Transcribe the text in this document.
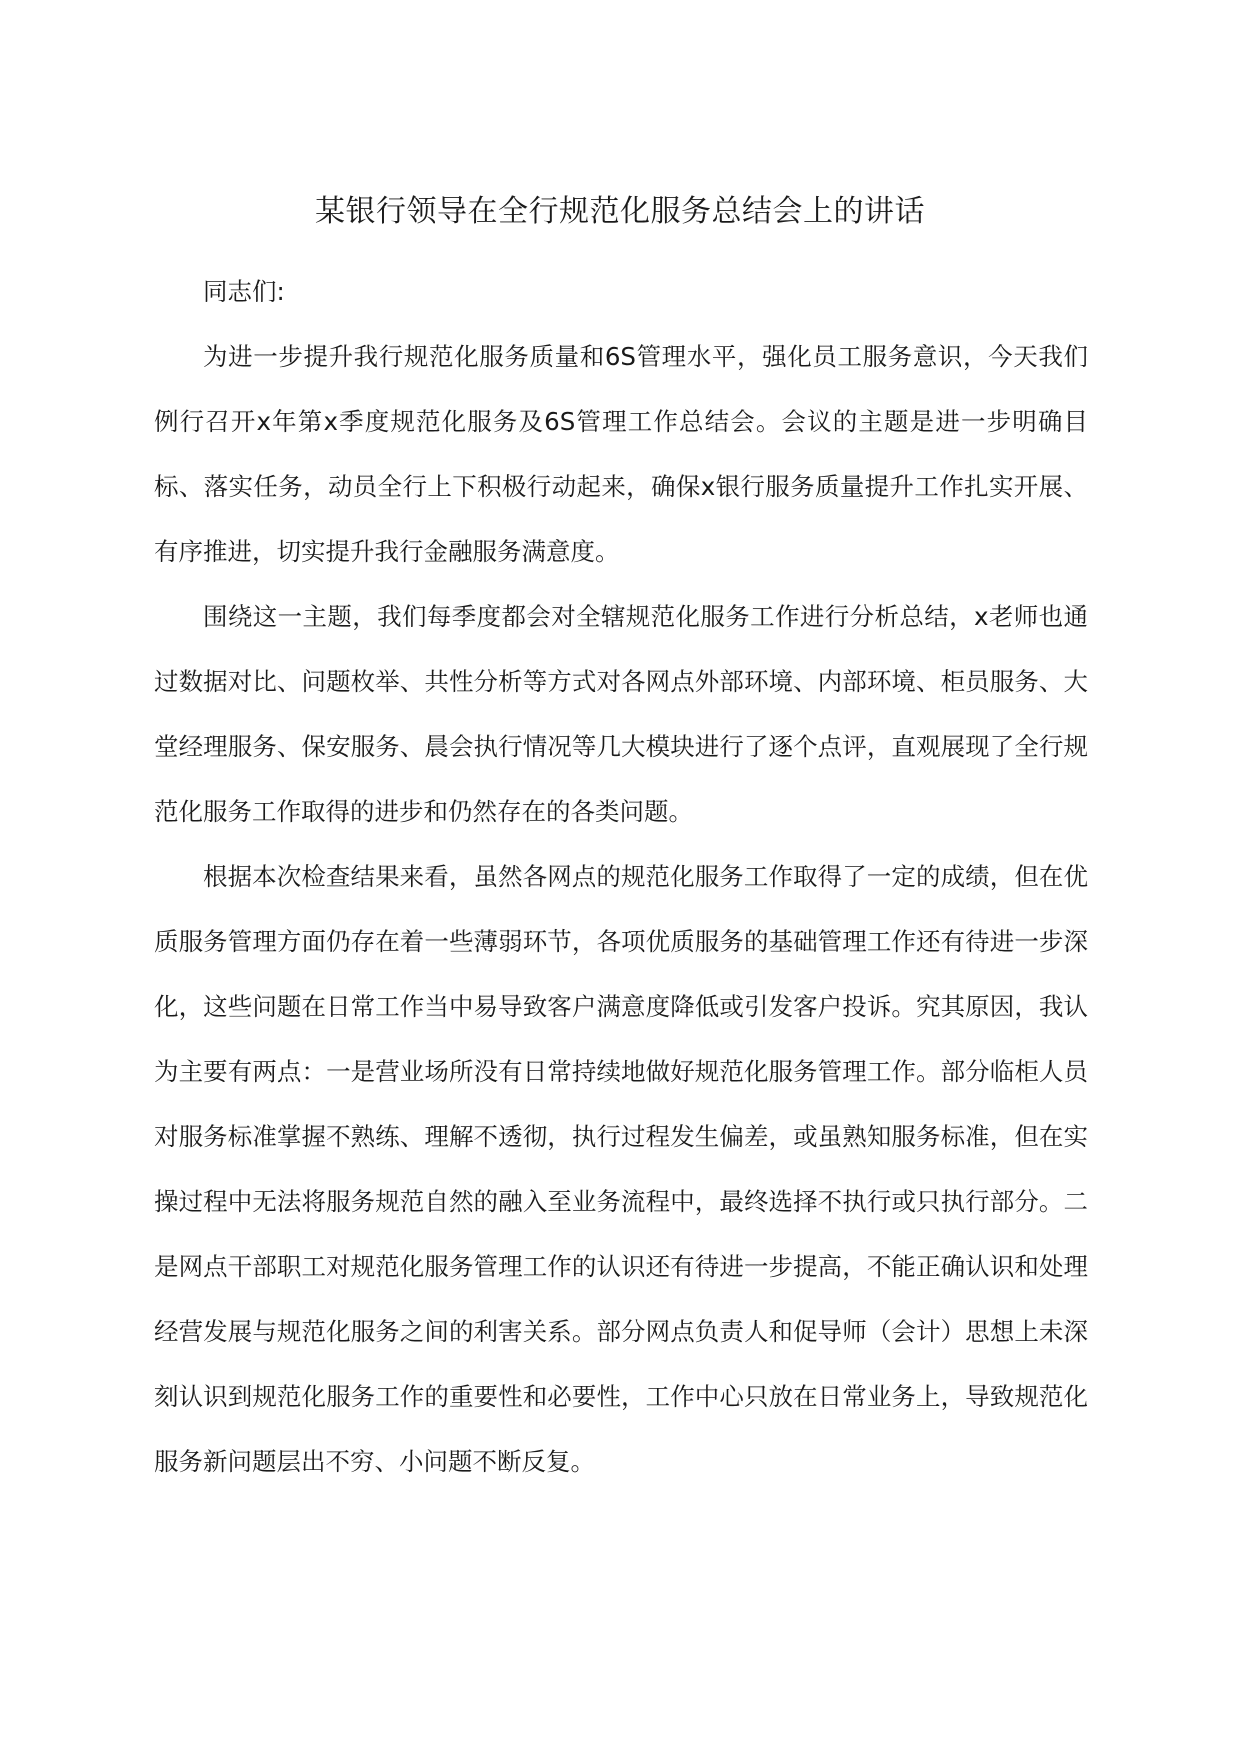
某银行领导在全行规范化服务总结会上的讲话

同志们:

为进一步提升我行规范化服务质量和6S管理水平，强化员工服务意识，今天我们例行召开x年第x季度规范化服务及6S管理工作总结会。会议的主题是进一步明确目标、落实任务，动员全行上下积极行动起来，确保x银行服务质量提升工作扎实开展、有序推进，切实提升我行金融服务满意度。

围绕这一主题，我们每季度都会对全辖规范化服务工作进行分析总结，x老师也通过数据对比、问题枚举、共性分析等方式对各网点外部环境、内部环境、柜员服务、大堂经理服务、保安服务、晨会执行情况等几大模块进行了逐个点评，直观展现了全行规范化服务工作取得的进步和仍然存在的各类问题。

根据本次检查结果来看，虽然各网点的规范化服务工作取得了一定的成绩，但在优质服务管理方面仍存在着一些薄弱环节，各项优质服务的基础管理工作还有待进一步深化，这些问题在日常工作当中易导致客户满意度降低或引发客户投诉。究其原因，我认为主要有两点：一是营业场所没有日常持续地做好规范化服务管理工作。部分临柜人员对服务标准掌握不熟练、理解不透彻，执行过程发生偏差，或虽熟知服务标准，但在实操过程中无法将服务规范自然的融入至业务流程中，最终选择不执行或只执行部分。二是网点干部职工对规范化服务管理工作的认识还有待进一步提高，不能正确认识和处理经营发展与规范化服务之间的利害关系。部分网点负责人和促导师（会计）思想上未深刻认识到规范化服务工作的重要性和必要性，工作中心只放在日常业务上，导致规范化服务新问题层出不穷、小问题不断反复。
